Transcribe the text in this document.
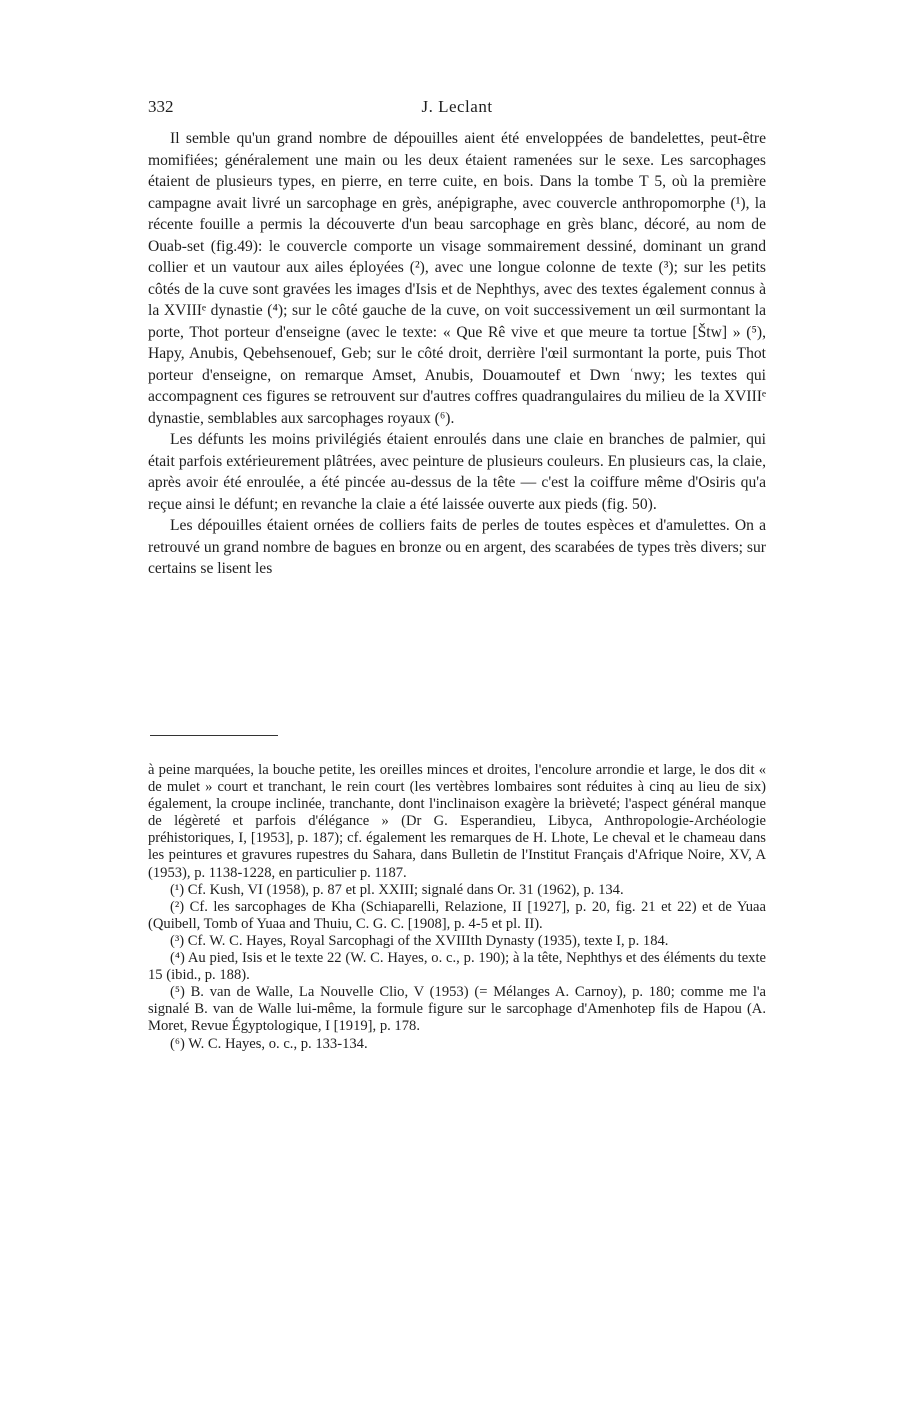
332	J. Leclant

Il semble qu'un grand nombre de dépouilles aient été enveloppées de bandelettes, peut-être momifiées; généralement une main ou les deux étaient ramenées sur le sexe. Les sarcophages étaient de plusieurs types, en pierre, en terre cuite, en bois. Dans la tombe T 5, où la première campagne avait livré un sarcophage en grès, anépigraphe, avec couvercle anthropomorphe (¹), la récente fouille a permis la découverte d'un beau sarcophage en grès blanc, décoré, au nom de Ouab-set (fig.49): le couvercle comporte un visage sommairement dessiné, dominant un grand collier et un vautour aux ailes éployées (²), avec une longue colonne de texte (³); sur les petits côtés de la cuve sont gravées les images d'Isis et de Nephthys, avec des textes également connus à la XVIIIᵉ dynastie (⁴); sur le côté gauche de la cuve, on voit successivement un œil surmontant la porte, Thot porteur d'enseigne (avec le texte: « Que Rê vive et que meure ta tortue [Štw] » (⁵), Hapy, Anubis, Qebehsenouef, Geb; sur le côté droit, derrière l'œil surmontant la porte, puis Thot porteur d'enseigne, on remarque Amset, Anubis, Douamoutef et Dwn ʿnwy; les textes qui accompagnent ces figures se retrouvent sur d'autres coffres quadrangulaires du milieu de la XVIIIᵉ dynastie, semblables aux sarcophages royaux (⁶).

Les défunts les moins privilégiés étaient enroulés dans une claie en branches de palmier, qui était parfois extérieurement plâtrées, avec peinture de plusieurs couleurs. En plusieurs cas, la claie, après avoir été enroulée, a été pincée au-dessus de la tête — c'est la coiffure même d'Osiris qu'a reçue ainsi le défunt; en revanche la claie a été laissée ouverte aux pieds (fig. 50).

Les dépouilles étaient ornées de colliers faits de perles de toutes espèces et d'amulettes. On a retrouvé un grand nombre de bagues en bronze ou en argent, des scarabées de types très divers; sur certains se lisent les

à peine marquées, la bouche petite, les oreilles minces et droites, l'encolure arrondie et large, le dos dit « de mulet » court et tranchant, le rein court (les vertèbres lombaires sont réduites à cinq au lieu de six) également, la croupe inclinée, tranchante, dont l'inclinaison exagère la brièveté; l'aspect général manque de légèreté et parfois d'élégance » (Dr G. Esperandieu, Libyca, Anthropologie-Archéologie préhistoriques, I, [1953], p. 187); cf. également les remarques de H. Lhote, Le cheval et le chameau dans les peintures et gravures rupestres du Sahara, dans Bulletin de l'Institut Français d'Afrique Noire, XV, A (1953), p. 1138-1228, en particulier p. 1187.

(¹) Cf. Kush, VI (1958), p. 87 et pl. XXIII; signalé dans Or. 31 (1962), p. 134.

(²) Cf. les sarcophages de Kha (Schiaparelli, Relazione, II [1927], p. 20, fig. 21 et 22) et de Yuaa (Quibell, Tomb of Yuaa and Thuiu, C. G. C. [1908], p. 4-5 et pl. II).

(³) Cf. W. C. Hayes, Royal Sarcophagi of the XVIIIth Dynasty (1935), texte I, p. 184.

(⁴) Au pied, Isis et le texte 22 (W. C. Hayes, o. c., p. 190); à la tête, Nephthys et des éléments du texte 15 (ibid., p. 188).

(⁵) B. van de Walle, La Nouvelle Clio, V (1953) (= Mélanges A. Carnoy), p. 180; comme me l'a signalé B. van de Walle lui-même, la formule figure sur le sarcophage d'Amenhotep fils de Hapou (A. Moret, Revue Égyptologique, I [1919], p. 178.

(⁶) W. C. Hayes, o. c., p. 133-134.
